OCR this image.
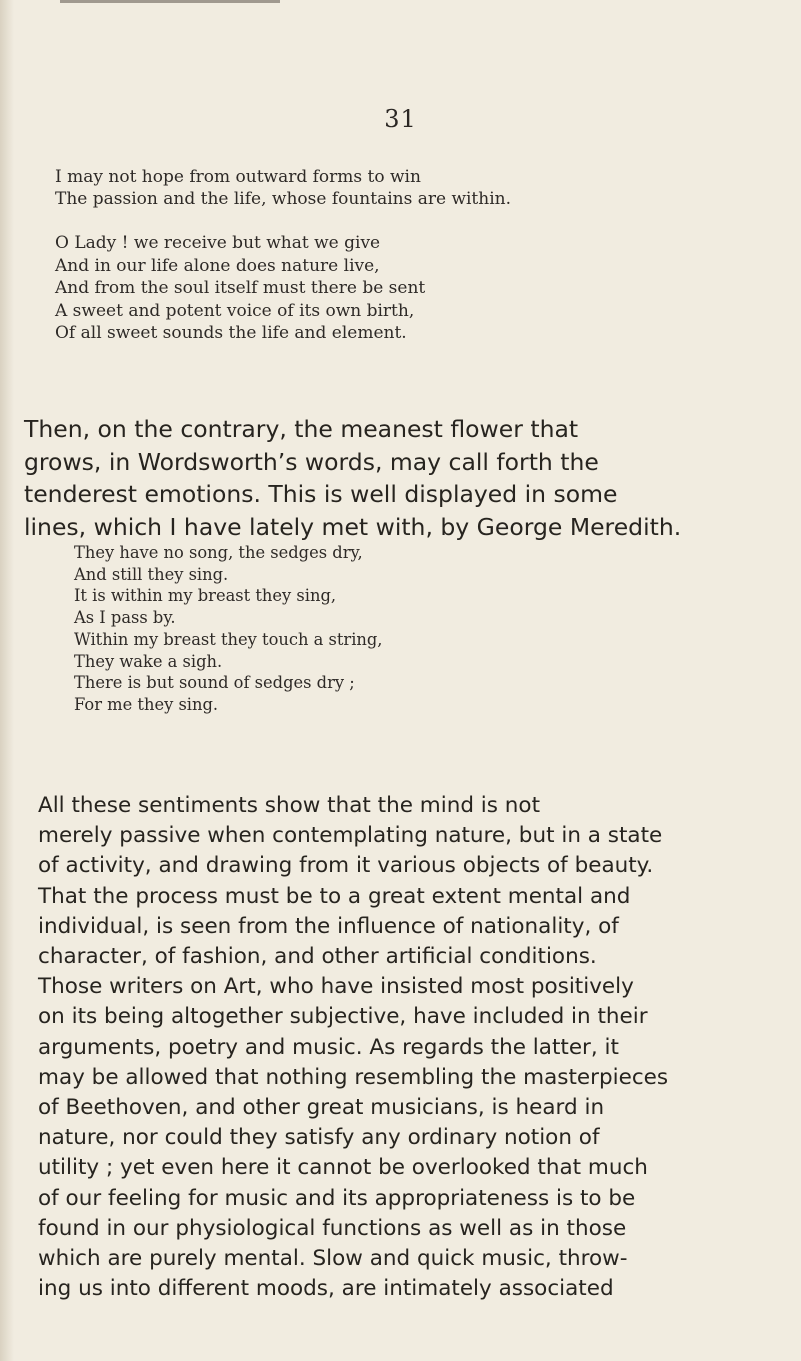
31
I may not hope from outward forms to win
The passion and the life, whose fountains are within.
O Lady ! we receive but what we give
And in our life alone does nature live,
And from the soul itself must there be sent
A sweet and potent voice of its own birth,
Of all sweet sounds the life and element.
Then, on the contrary, the meanest flower that
grows, in Wordsworth’s words, may call forth the
tenderest emotions. This is well displayed in some
lines, which I have lately met with, by George Meredith.
They have no song, the sedges dry,
And still they sing.
It is within my breast they sing,
As I pass by.
Within my breast they touch a string,
They wake a sigh.
There is but sound of sedges dry ;
For me they sing.
All these sentiments show that the mind is not
merely passive when contemplating nature, but in a state
of activity, and drawing from it various objects of beauty.
That the process must be to a great extent mental and
individual, is seen from the influence of nationality, of
character, of fashion, and other artificial conditions.
Those writers on Art, who have insisted most positively
on its being altogether subjective, have included in their
arguments, poetry and music. As regards the latter, it
may be allowed that nothing resembling the masterpieces
of Beethoven, and other great musicians, is heard in
nature, nor could they satisfy any ordinary notion of
utility ; yet even here it cannot be overlooked that much
of our feeling for music and its appropriateness is to be
found in our physiological functions as well as in those
which are purely mental. Slow and quick music, throw-
ing us into different moods, are intimately associated
